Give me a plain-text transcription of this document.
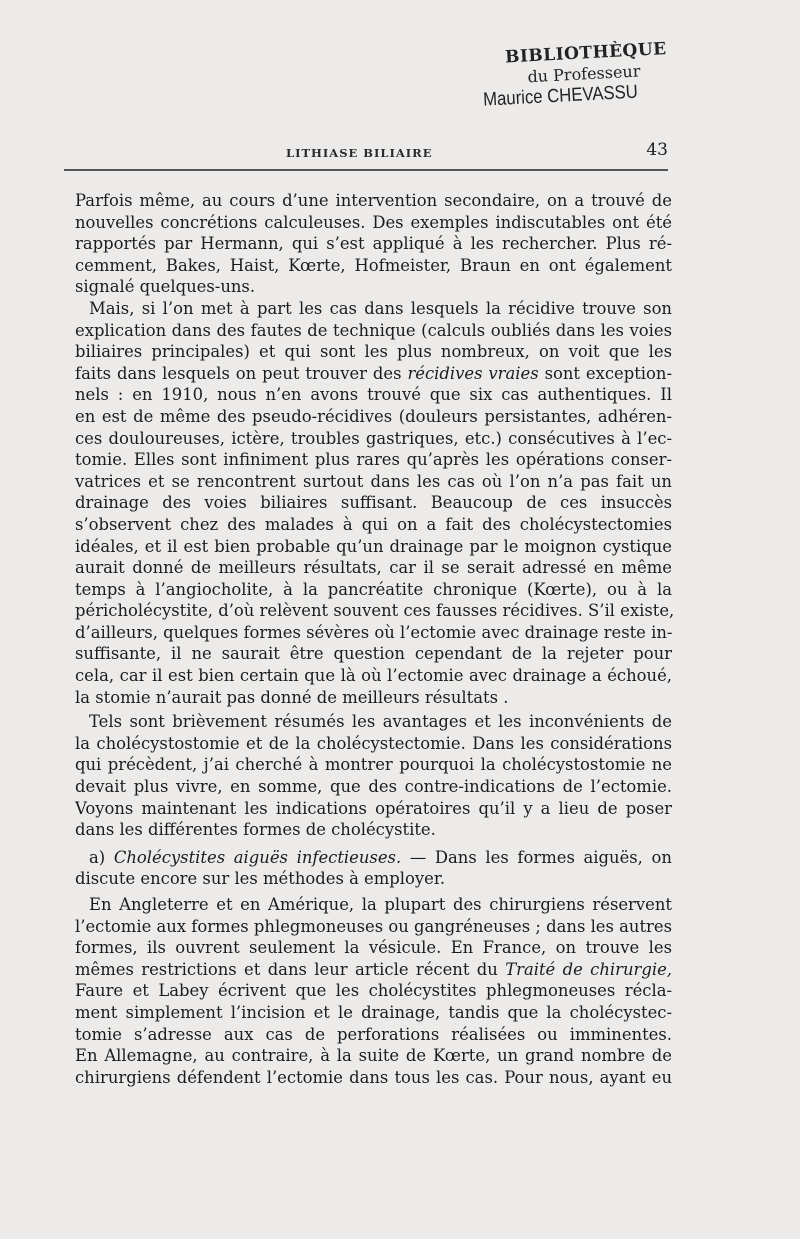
BIBLIOTHÈQUE
du Professeur
Maurice CHEVASSU
LITHIASE BILIAIRE	43
Parfois même, au cours d’une intervention secondaire, on a trouvé de
nouvelles concrétions calculeuses. Des exemples indiscutables ont été
rapportés par Hermann, qui s’est appliqué à les rechercher. Plus ré-
cemment, Bakes, Haist, Kœrte, Hofmeister, Braun en ont également
signalé quelques-uns.
Mais, si l’on met à part les cas dans lesquels la récidive trouve son
explication dans des fautes de technique (calculs oubliés dans les voies
biliaires principales) et qui sont les plus nombreux, on voit que les
faits dans lesquels on peut trouver des récidives vraies sont exception-
nels : en 1910, nous n’en avons trouvé que six cas authentiques. Il
en est de même des pseudo-récidives (douleurs persistantes, adhéren-
ces douloureuses, ictère, troubles gastriques, etc.) consécutives à l’ec-
tomie. Elles sont infiniment plus rares qu’après les opérations conser-
vatrices et se rencontrent surtout dans les cas où l’on n’a pas fait un
drainage des voies biliaires suffisant. Beaucoup de ces insuccès
s’observent chez des malades à qui on a fait des cholécystectomies
idéales, et il est bien probable qu’un drainage par le moignon cystique
aurait donné de meilleurs résultats, car il se serait adressé en même
temps à l’angiocholite, à la pancréatite chronique (Kœrte), ou à la
péricholécystite, d’où relèvent souvent ces fausses récidives. S’il existe,
d’ailleurs, quelques formes sévères où l’ectomie avec drainage reste in-
suffisante, il ne saurait être question cependant de la rejeter pour
cela, car il est bien certain que là où l’ectomie avec drainage a échoué,
la stomie n’aurait pas donné de meilleurs résultats .
Tels sont brièvement résumés les avantages et les inconvénients de
la cholécystostomie et de la cholécystectomie. Dans les considérations
qui précèdent, j’ai cherché à montrer pourquoi la cholécystostomie ne
devait plus vivre, en somme, que des contre-indications de l’ectomie.
Voyons maintenant les indications opératoires qu’il y a lieu de poser
dans les différentes formes de cholécystite.
a) Cholécystites aiguës infectieuses. — Dans les formes aiguës, on
discute encore sur les méthodes à employer.
En Angleterre et en Amérique, la plupart des chirurgiens réservent
l’ectomie aux formes phlegmoneuses ou gangréneuses ; dans les autres
formes, ils ouvrent seulement la vésicule. En France, on trouve les
mêmes restrictions et dans leur article récent du Traité de chirurgie,
Faure et Labey écrivent que les cholécystites phlegmoneuses récla-
ment simplement l’incision et le drainage, tandis que la cholécystec-
tomie s’adresse aux cas de perforations réalisées ou imminentes.
En Allemagne, au contraire, à la suite de Kœrte, un grand nombre de
chirurgiens défendent l’ectomie dans tous les cas. Pour nous, ayant eu
